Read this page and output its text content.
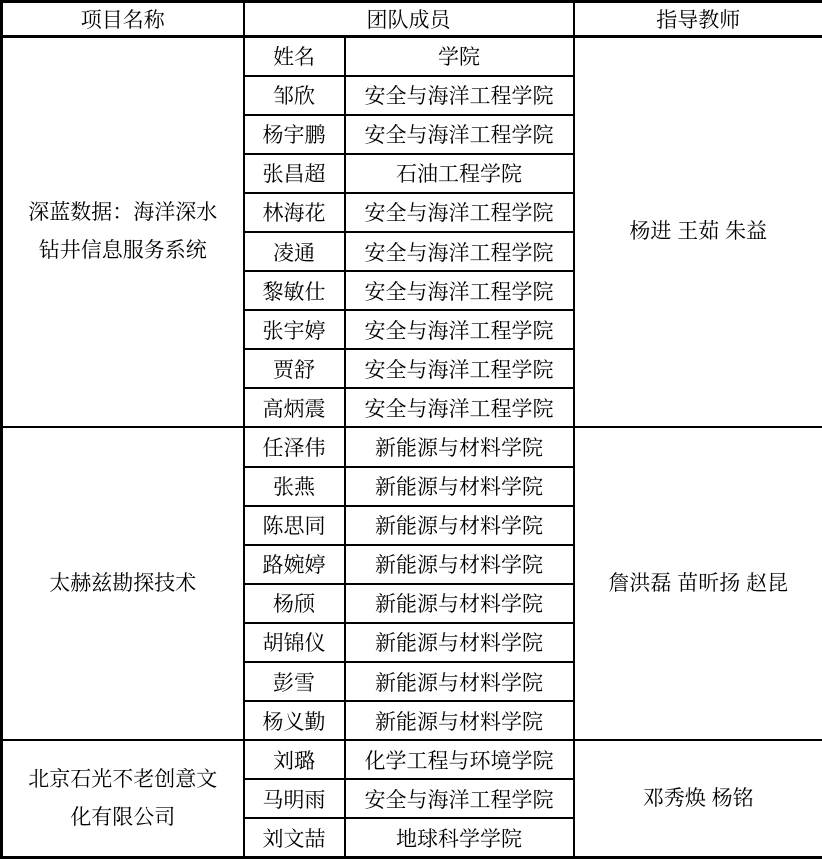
项目名称	团队成员		指导教师
深蓝数据：海洋深水钻井信息服务系统	姓名	学院	杨进 王茹 朱益
	邹欣	安全与海洋工程学院	
	杨宇鹏	安全与海洋工程学院	
	张昌超	石油工程学院	
	林海花	安全与海洋工程学院	
	凌通	安全与海洋工程学院	
	黎敏仕	安全与海洋工程学院	
	张宇婷	安全与海洋工程学院	
	贾舒	安全与海洋工程学院	
	高炳震	安全与海洋工程学院	
太赫兹勘探技术	任泽伟	新能源与材料学院	詹洪磊 苗昕扬 赵昆
	张燕	新能源与材料学院	
	陈思同	新能源与材料学院	
	路婉婷	新能源与材料学院	
	杨颀	新能源与材料学院	
	胡锦仪	新能源与材料学院	
	彭雪	新能源与材料学院	
	杨义勤	新能源与材料学院	
北京石光不老创意文化有限公司	刘璐	化学工程与环境学院	邓秀焕 杨铭
	马明雨	安全与海洋工程学院	
	刘文喆	地球科学学院	
